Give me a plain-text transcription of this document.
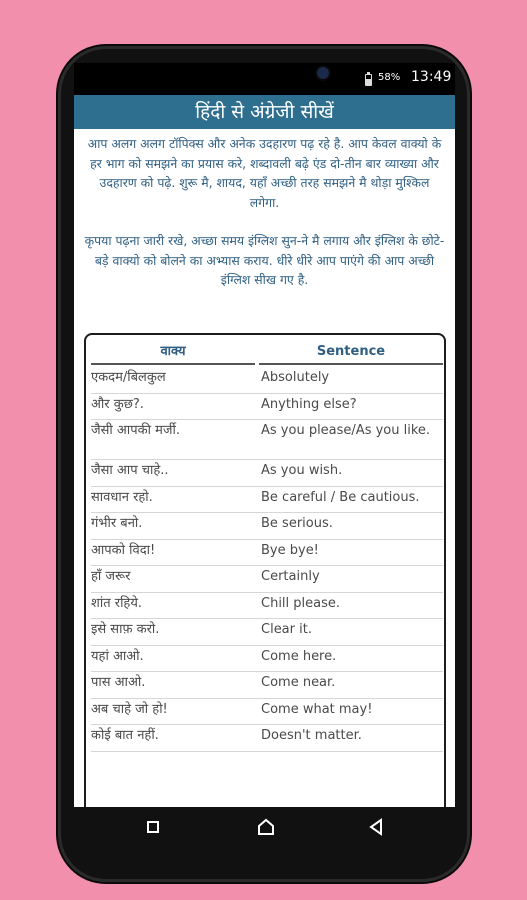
58% 13:49
हिंदी से अंग्रेजी सीखें

आप अलग अलग टॉपिक्स और अनेक उदहारण पढ़ रहे है. आप केवल वाक्यो के हर भाग को समझने का प्रयास करे, शब्दावली बढ़े एंड दो-तीन बार व्याख्या और उदहारण को पढ़े. शुरू मै, शायद, यहाँ अच्छी तरह समझने मै थोड़ा मुश्किल लगेगा.

कृपया पढ़ना जारी रखे, अच्छा समय इंग्लिश सुन-ने मै लगाय और इंग्लिश के छोटे-बड़े वाक्यो को बोलने का अभ्यास कराय. धीरे धीरे आप पाएंगे की आप अच्छी इंग्लिश सीख गए है.

वाक्य	Sentence
एकदम/बिलकुल	Absolutely
और कुछ?.	Anything else?
जैसी आपकी मर्जी.	As you please/As you like.
जैसा आप चाहे..	As you wish.
सावधान रहो.	Be careful / Be cautious.
गंभीर बनो.	Be serious.
आपको विदा!	Bye bye!
हाँ जरूर	Certainly
शांत रहिये.	Chill please.
इसे साफ़ करो.	Clear it.
यहां आओ.	Come here.
पास आओ.	Come near.
अब चाहे जो हो!	Come what may!
कोई बात नहीं.	Doesn't matter.
